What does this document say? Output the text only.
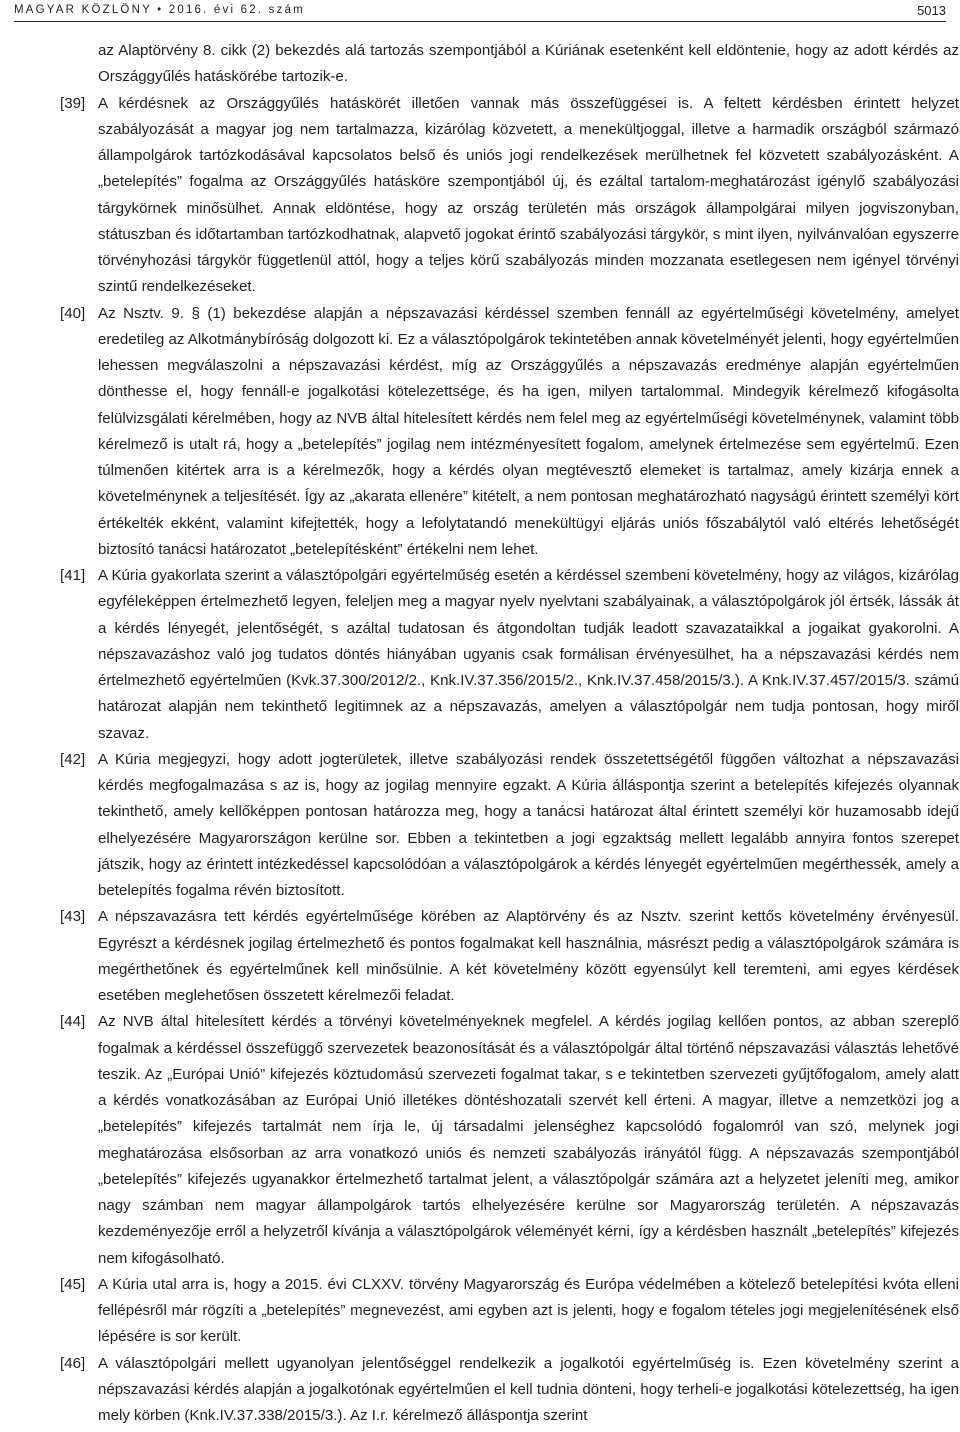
MAGYAR KÖZLÖNY • 2016. évi 62. szám	5013
az Alaptörvény 8. cikk (2) bekezdés alá tartozás szempontjából a Kúriának esetenként kell eldöntenie, hogy az adott kérdés az Országgyűlés hatáskörébe tartozik-e.
[39] A kérdésnek az Országgyűlés hatáskörét illetően vannak más összefüggései is. A feltett kérdésben érintett helyzet szabályozását a magyar jog nem tartalmazza, kizárólag közvetett, a menekültjoggal, illetve a harmadik országból származó állampolgárok tartózkodásával kapcsolatos belső és uniós jogi rendelkezések merülhetnek fel közvetett szabályozásként. A „betelepítés” fogalma az Országgyűlés hatásköre szempontjából új, és ezáltal tartalom-meghatározást igénylő szabályozási tárgykörnek minősülhet. Annak eldöntése, hogy az ország területén más országok állampolgárai milyen jogviszonyban, státuszban és időtartamban tartózkodhatnak, alapvető jogokat érintő szabályozási tárgykör, s mint ilyen, nyilvánvalóan egyszerre törvényhozási tárgykör függetlenül attól, hogy a teljes körű szabályozás minden mozzanata esetlegesen nem igényel törvényi szintű rendelkezéseket.
[40] Az Nsztv. 9. § (1) bekezdése alapján a népszavazási kérdéssel szemben fennáll az egyértelműségi követelmény, amelyet eredetileg az Alkotmánybíróság dolgozott ki. Ez a választópolgárok tekintetében annak követelményét jelenti, hogy egyértelműen lehessen megválaszolni a népszavazási kérdést, míg az Országgyűlés a népszavazás eredménye alapján egyértelműen dönthesse el, hogy fennáll-e jogalkotási kötelezettsége, és ha igen, milyen tartalommal. Mindegyik kérelmező kifogásolta felülvizsgálati kérelmében, hogy az NVB által hitelesített kérdés nem felel meg az egyértelműségi követelménynek, valamint több kérelmező is utalt rá, hogy a „betelepítés” jogilag nem intézményesített fogalom, amelynek értelmezése sem egyértelmű. Ezen túlmenően kitértek arra is a kérelmezők, hogy a kérdés olyan megtévesztő elemeket is tartalmaz, amely kizárja ennek a követelménynek a teljesítését. Így az „akarata ellenére” kitételt, a nem pontosan meghatározható nagyságú érintett személyi kört értékelték ekként, valamint kifejtették, hogy a lefolytatandó menekültügyi eljárás uniós főszabálytól való eltérés lehetőségét biztosító tanácsi határozatot „betelepítésként” értékelni nem lehet.
[41] A Kúria gyakorlata szerint a választópolgári egyértelműség esetén a kérdéssel szembeni követelmény, hogy az világos, kizárólag egyféleképpen értelmezhető legyen, feleljen meg a magyar nyelv nyelvtani szabályainak, a választópolgárok jól értsék, lássák át a kérdés lényegét, jelentőségét, s azáltal tudatosan és átgondoltan tudják leadott szavazataikkal a jogaikat gyakorolni. A népszavazáshoz való jog tudatos döntés hiányában ugyanis csak formálisan érvényesülhet, ha a népszavazási kérdés nem értelmezhető egyértelműen (Kvk.37.300/2012/2., Knk.IV.37.356/2015/2., Knk.IV.37.458/2015/3.). A Knk.IV.37.457/2015/3. számú határozat alapján nem tekinthető legitimnek az a népszavazás, amelyen a választópolgár nem tudja pontosan, hogy miről szavaz.
[42] A Kúria megjegyzi, hogy adott jogterületek, illetve szabályozási rendek összetettségétől függően változhat a népszavazási kérdés megfogalmazása s az is, hogy az jogilag mennyire egzakt. A Kúria álláspontja szerint a betelepítés kifejezés olyannak tekinthető, amely kellőképpen pontosan határozza meg, hogy a tanácsi határozat által érintett személyi kör huzamosabb idejű elhelyezésére Magyarországon kerülne sor. Ebben a tekintetben a jogi egzaktság mellett legalább annyira fontos szerepet játszik, hogy az érintett intézkedéssel kapcsolódóan a választópolgárok a kérdés lényegét egyértelműen megérthessék, amely a betelepítés fogalma révén biztosított.
[43] A népszavazásra tett kérdés egyértelműsége körében az Alaptörvény és az Nsztv. szerint kettős követelmény érvényesül. Egyrészt a kérdésnek jogilag értelmezhető és pontos fogalmakat kell használnia, másrészt pedig a választópolgárok számára is megérthetőnek és egyértelműnek kell minősülnie. A két követelmény között egyensúlyt kell teremteni, ami egyes kérdések esetében meglehetősen összetett kérelmezői feladat.
[44] Az NVB által hitelesített kérdés a törvényi követelményeknek megfelel. A kérdés jogilag kellően pontos, az abban szereplő fogalmak a kérdéssel összefüggő szervezetek beazonosítását és a választópolgár által történő népszavazási választás lehetővé teszik. Az „Európai Unió” kifejezés köztudomású szervezeti fogalmat takar, s e tekintetben szervezeti gyűjtőfogalom, amely alatt a kérdés vonatkozásában az Európai Unió illetékes döntéshozatali szervét kell érteni. A magyar, illetve a nemzetközi jog a „betelepítés” kifejezés tartalmát nem írja le, új társadalmi jelenséghez kapcsolódó fogalomról van szó, melynek jogi meghatározása elsősorban az arra vonatkozó uniós és nemzeti szabályozás irányától függ. A népszavazás szempontjából „betelepítés” kifejezés ugyanakkor értelmezhető tartalmat jelent, a választópolgár számára azt a helyzetet jeleníti meg, amikor nagy számban nem magyar állampolgárok tartós elhelyezésére kerülne sor Magyarország területén. A népszavazás kezdeményezője erről a helyzetről kívánja a választópolgárok véleményét kérni, így a kérdésben használt „betelepítés” kifejezés nem kifogásolható.
[45] A Kúria utal arra is, hogy a 2015. évi CLXXV. törvény Magyarország és Európa védelmében a kötelező betelepítési kvóta elleni fellépésről már rögzíti a „betelepítés” megnevezést, ami egyben azt is jelenti, hogy e fogalom tételes jogi megjelenítésének első lépésére is sor került.
[46] A választópolgári mellett ugyanolyan jelentőséggel rendelkezik a jogalkotói egyértelműség is. Ezen követelmény szerint a népszavazási kérdés alapján a jogalkotónak egyértelműen el kell tudnia dönteni, hogy terheli-e jogalkotási kötelezettség, ha igen mely körben (Knk.IV.37.338/2015/3.). Az I.r. kérelmező álláspontja szerint
